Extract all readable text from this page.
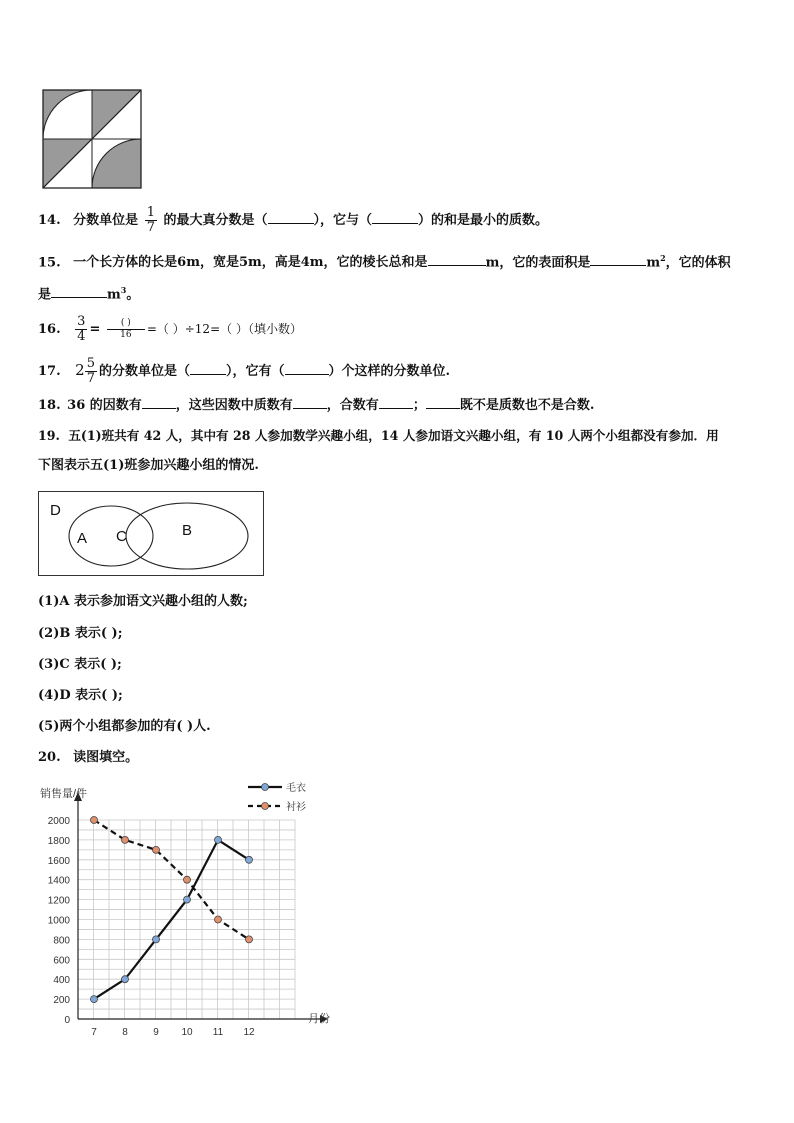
14. 分数单位是 $\frac{1}{7}$ 的最大真分数是（	），它与（	）的和是最小的质数。
15. 一个长方体的长是6m，宽是5m，高是4m，它的棱长总和是	m，它的表面积是	$m^2$，它的体积
是	$m^3$。
16. $\frac{3}{4} = \frac{( )}{16}$ =（ ）÷12=（ ）（填小数）
17. $2 \frac{5}{7}$ 的分数单位是（	），它有（	）个这样的分数单位.
18. 36 的因数有	，这些因数中质数有	，合数有	；	既不是质数也不是合数.
19. 五(1)班共有 42 人，其中有 28 人参加数学兴趣小组，14 人参加语文兴趣小组，有 10 人两个小组都没有参加．用
下图表示五(1)班参加兴趣小组的情况.
D
A C	B
(1)A 表示参加语文兴趣小组的人数;
(2)B 表示( );
(3)C 表示( );
(4)D 表示( );
(5)两个小组都参加的有( )人.
20. 读图填空。
0
200
400
600
800
1000
1200
1400
1600
1800
2000
7	8	9 10 11 12
毛衣
衬衫
销售量/件
月份
